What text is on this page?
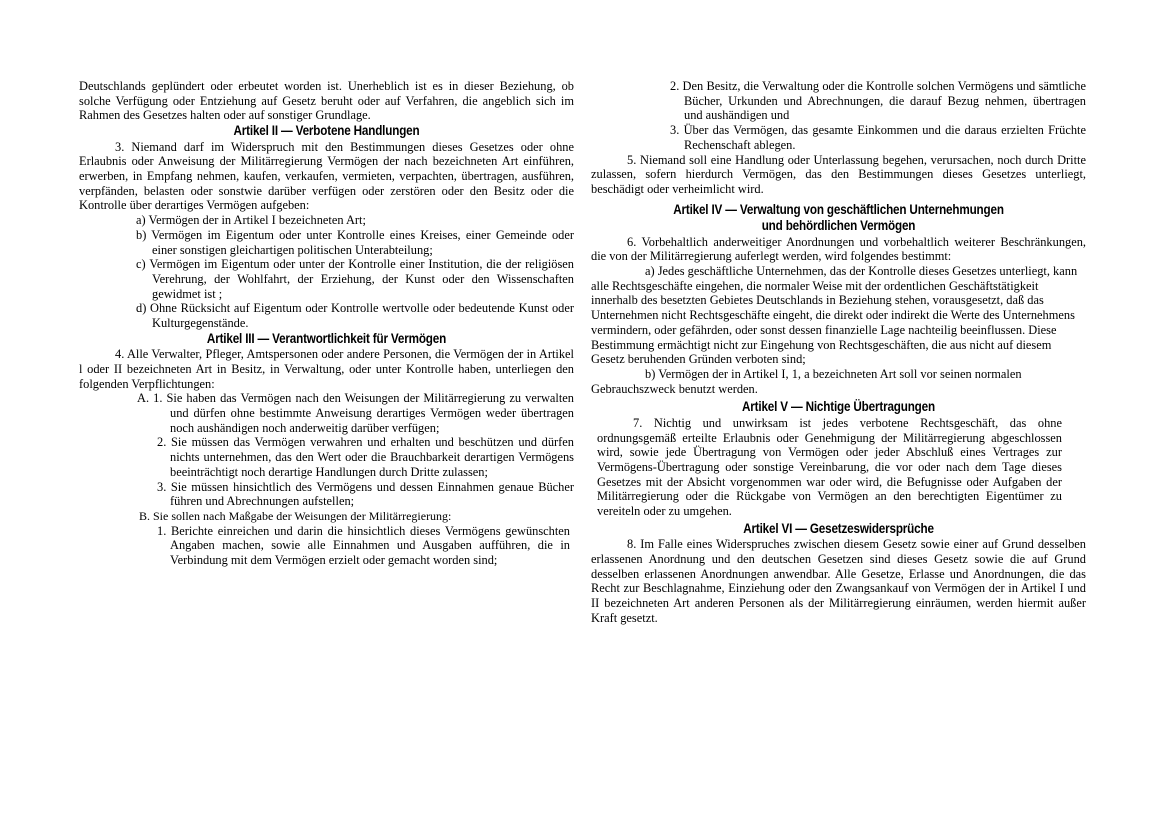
Deutschlands geplündert oder erbeutet worden ist. Unerheblich ist es in dieser Beziehung, ob solche Verfügung oder Entziehung auf Gesetz beruht oder auf Verfahren, die angeblich sich im Rahmen des Gesetzes halten oder auf sonstiger Grundlage.

Artikel II — Verbotene Handlungen

3. Niemand darf im Widerspruch mit den Bestimmungen dieses Gesetzes oder ohne Erlaubnis oder Anweisung der Militärregierung Vermögen der nach bezeichneten Art einführen, erwerben, in Empfang nehmen, kaufen, verkaufen, vermieten, verpachten, übertragen, ausführen, verpfänden, belasten oder sonstwie darüber verfügen oder zerstören oder den Besitz oder die Kontrolle über derartiges Vermögen aufgeben:

a) Vermögen der in Artikel I bezeichneten Art;

b) Vermögen im Eigentum oder unter Kontrolle eines Kreises, einer Gemeinde oder einer sonstigen gleichartigen politischen Unterabteilung;

c) Vermögen im Eigentum oder unter der Kontrolle einer Institution, die der religiösen Verehrung, der Wohlfahrt, der Erziehung, der Kunst oder den Wissenschaften gewidmet ist ;

d) Ohne Rücksicht auf Eigentum oder Kontrolle wertvolle oder bedeutende Kunst oder Kulturgegenstände.

Artikel III — Verantwortlichkeit für Vermögen

4. Alle Verwalter, Pfleger, Amtspersonen oder andere Personen, die Vermögen der in Artikel l oder II bezeichneten Art in Besitz, in Verwaltung, oder unter Kontrolle haben, unterliegen den folgenden Verpflichtungen:

A. 1. Sie haben das Vermögen nach den Weisungen der Militärregierung zu verwalten und dürfen ohne bestimmte Anweisung derartiges Vermögen weder übertragen noch aushändigen noch anderweitig darüber verfügen;

2. Sie müssen das Vermögen verwahren und erhalten und beschützen und dürfen nichts unternehmen, das den Wert oder die Brauchbarkeit derartigen Vermögens beeinträchtigt noch derartige Handlungen durch Dritte zulassen;

3. Sie müssen hinsichtlich des Vermögens und dessen Einnahmen genaue Bücher führen und Abrechnungen aufstellen;

B. Sie sollen nach Maßgabe der Weisungen der Militärregierung:

1. Berichte einreichen und darin die hinsichtlich dieses Vermögens gewünschten Angaben machen, sowie alle Einnahmen und Ausgaben aufführen, die in Verbindung mit dem Vermögen erzielt oder gemacht worden sind;

2. Den Besitz, die Verwaltung oder die Kontrolle solchen Vermögens und sämtliche Bücher, Urkunden und Abrechnungen, die darauf Bezug nehmen, übertragen und aushändigen und

3. Über das Vermögen, das gesamte Einkommen und die daraus erzielten Früchte Rechenschaft ablegen.

5. Niemand soll eine Handlung oder Unterlassung begehen, verursachen, noch durch Dritte zulassen, sofern hierdurch Vermögen, das den Bestimmungen dieses Gesetzes unterliegt, beschädigt oder verheimlicht wird.

Artikel IV — Verwaltung von geschäftlichen Unternehmungen
und behördlichen Vermögen

6. Vorbehaltlich anderweitiger Anordnungen und vorbehaltlich weiterer Beschränkungen, die von der Militärregierung auferlegt werden, wird folgendes bestimmt:

a) Jedes geschäftliche Unternehmen, das der Kontrolle dieses Gesetzes unterliegt, kann alle Rechtsgeschäfte eingehen, die normaler Weise mit der ordentlichen Geschäftstätigkeit innerhalb des besetzten Gebietes Deutschlands in Beziehung stehen, vorausgesetzt, daß das Unternehmen nicht Rechtsgeschäfte eingeht, die direkt oder indirekt die Werte des Unternehmens vermindern, oder gefährden, oder sonst dessen finanzielle Lage nachteilig beeinflussen. Diese Bestimmung ermächtigt nicht zur Eingehung von Rechtsgeschäften, die aus nicht auf diesem Gesetz beruhenden Gründen verboten sind;

b) Vermögen der in Artikel I, 1, a bezeichneten Art soll vor seinen normalen Gebrauchszweck benutzt werden.

Artikel V — Nichtige Übertragungen

7. Nichtig und unwirksam ist jedes verbotene Rechtsgeschäft, das ohne ordnungsgemäß erteilte Erlaubnis oder Genehmigung der Militärregierung abgeschlossen wird, sowie jede Übertragung von Vermögen oder jeder Abschluß eines Vertrages zur Vermögens-Übertragung oder sonstige Vereinbarung, die vor oder nach dem Tage dieses Gesetzes mit der Absicht vorgenommen war oder wird, die Befugnisse oder Aufgaben der Militärregierung oder die Rückgabe von Vermögen an den berechtigten Eigentümer zu vereiteln oder zu umgehen.

Artikel VI — Gesetzeswidersprüche

8. Im Falle eines Widerspruches zwischen diesem Gesetz sowie einer auf Grund desselben erlassenen Anordnung und den deutschen Gesetzen sind dieses Gesetz sowie die auf Grund desselben erlassenen Anordnungen anwendbar. Alle Gesetze, Erlasse und Anordnungen, die das Recht zur Beschlagnahme, Einziehung oder den Zwangsankauf von Vermögen der in Artikel I und II bezeichneten Art anderen Personen als der Militärregierung einräumen, werden hiermit außer Kraft gesetzt.
